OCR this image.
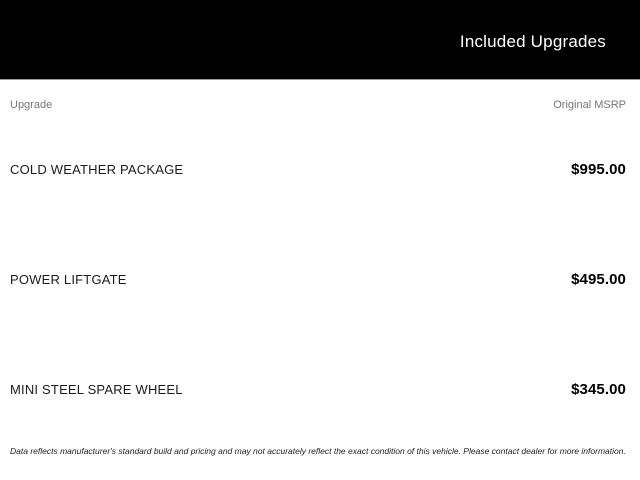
Included Upgrades
Upgrade	Original MSRP
COLD WEATHER PACKAGE	$995.00
POWER LIFTGATE	$495.00
MINI STEEL SPARE WHEEL	$345.00
Data reflects manufacturer's standard build and pricing and may not accurately reflect the exact condition of this vehicle. Please contact dealer for more information.
